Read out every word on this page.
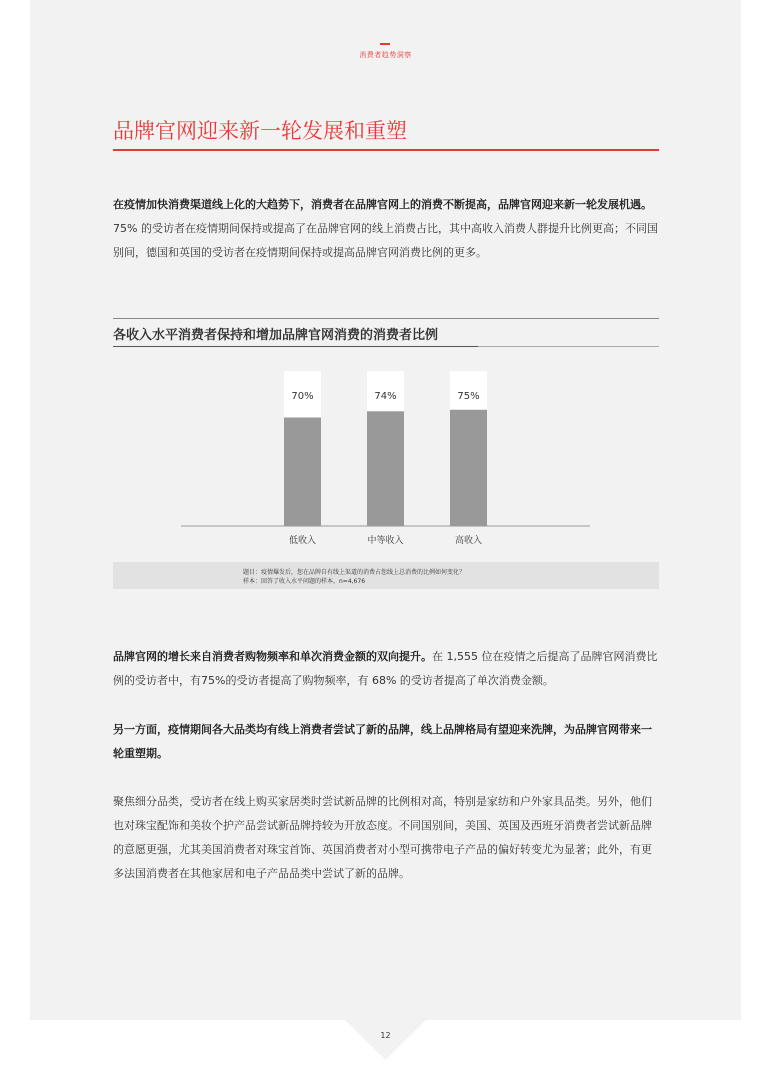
消费者趋势洞察
品牌官网迎来新一轮发展和重塑
在疫情加快消费渠道线上化的大趋势下，消费者在品牌官网上的消费不断提高，品牌官网迎来新一轮发展机遇。75% 的受访者在疫情期间保持或提高了在品牌官网的线上消费占比，其中高收入消费人群提升比例更高；不同国别间，德国和英国的受访者在疫情期间保持或提高品牌官网消费比例的更多。
各收入水平消费者保持和增加品牌官网消费的消费者比例
70%
低收入
74%
中等收入
75%
高收入
题目：疫情爆发后，您在品牌自有线上渠道的消费占您线上总消费的比例如何变化？
样本：回答了收入水平问题的样本，n=4,676
品牌官网的增长来自消费者购物频率和单次消费金额的双向提升。在 1,555 位在疫情之后提高了品牌官网消费比例的受访者中，有75%的受访者提高了购物频率，有 68% 的受访者提高了单次消费金额。
另一方面，疫情期间各大品类均有线上消费者尝试了新的品牌，线上品牌格局有望迎来洗牌，为品牌官网带来一轮重塑期。
聚焦细分品类，受访者在线上购买家居类时尝试新品牌的比例相对高，特别是家纺和户外家具品类。另外，他们也对珠宝配饰和美妆个护产品尝试新品牌持较为开放态度。不同国别间，美国、英国及西班牙消费者尝试新品牌的意愿更强，尤其美国消费者对珠宝首饰、英国消费者对小型可携带电子产品的偏好转变尤为显著；此外，有更多法国消费者在其他家居和电子产品品类中尝试了新的品牌。
12
